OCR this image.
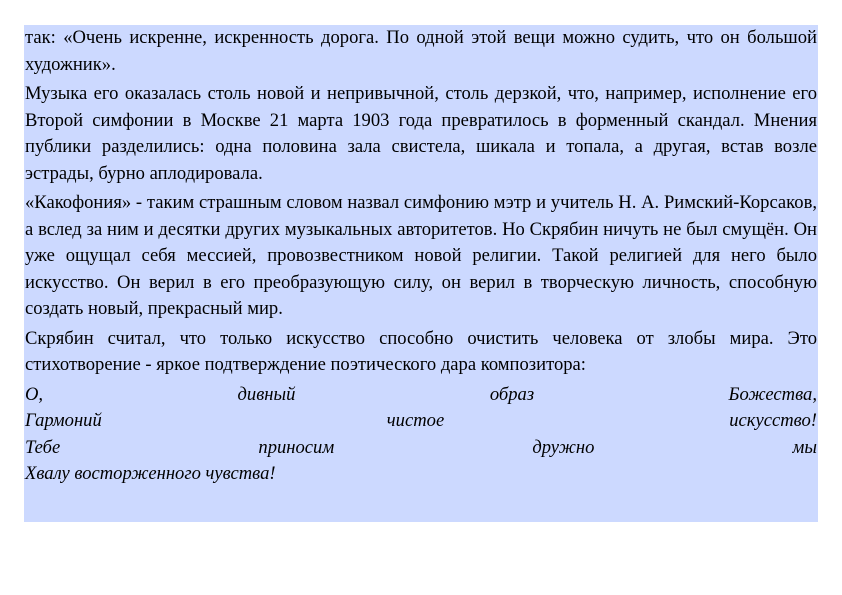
так: «Очень искренне, искренность дорога. По одной этой вещи можно судить, что он большой художник».

Музыка его оказалась столь новой и непривычной, столь дерзкой, что, например, исполнение его Второй симфонии в Москве 21 марта 1903 года превратилось в форменный скандал. Мнения публики разделились: одна половина зала свистела, шикала и топала, а другая, встав возле эстрады, бурно аплодировала.

«Какофония» - таким страшным словом назвал симфонию мэтр и учитель Н. А. Римский-Корсаков, а вслед за ним и десятки других музыкальных авторитетов. Но Скрябин ничуть не был смущён. Он уже ощущал себя мессией, провозвестником новой религии. Такой религией для него было искусство. Он верил в его преобразующую силу, он верил в творческую личность, способную создать новый, прекрасный мир.

Скрябин считал, что только искусство способно очистить человека от злобы мира. Это стихотворение - яркое подтверждение поэтического дара композитора:

О,	дивный	образ	Божества,
Гармоний	чистое	искусство!
Тебе	приносим	дружно	мы
Хвалу восторженного чувства!
